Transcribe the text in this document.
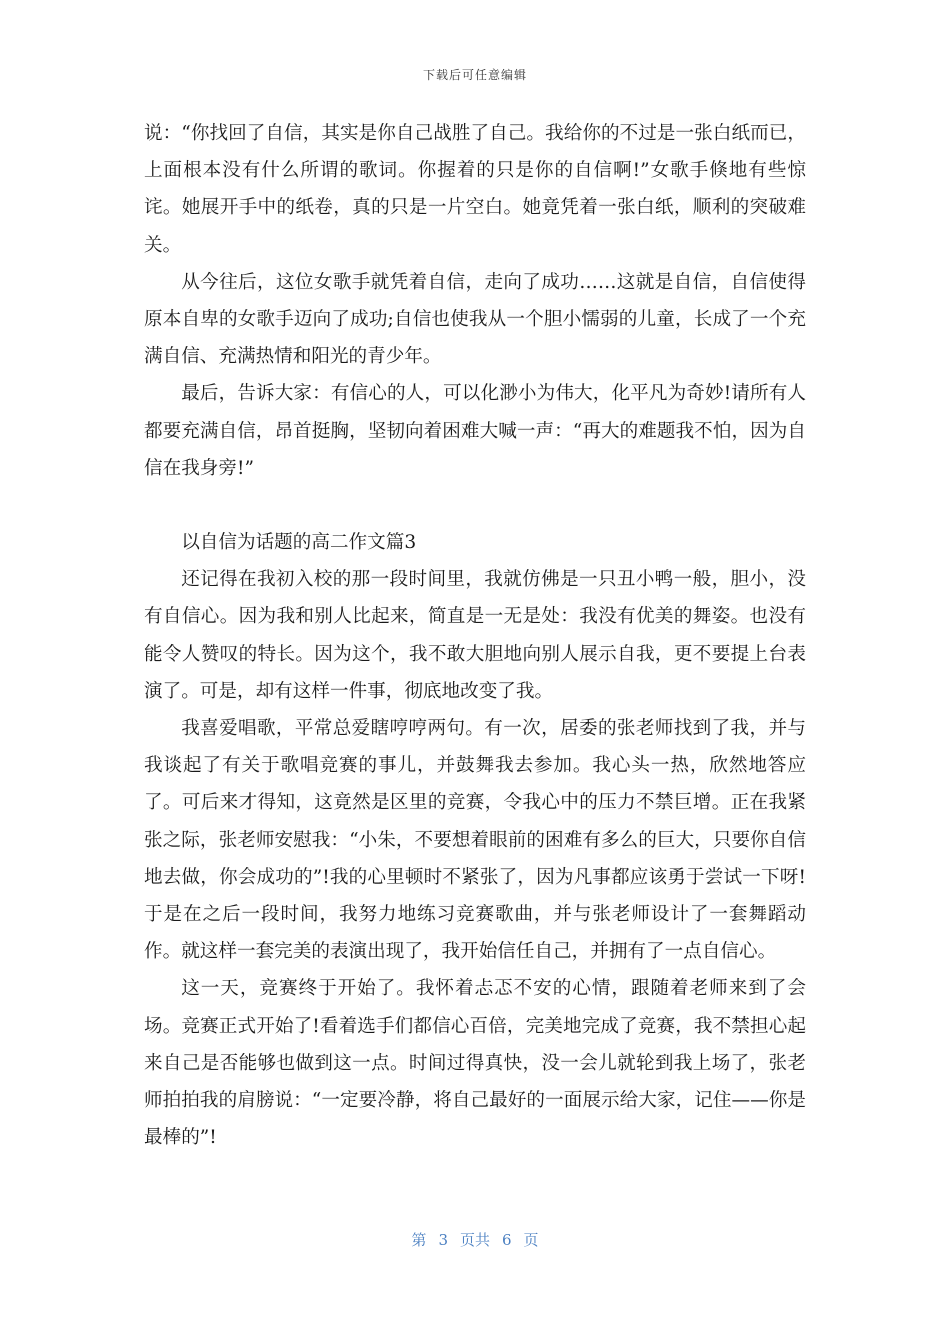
下载后可任意编辑

说：“你找回了自信，其实是你自己战胜了自己。我给你的不过是一张白纸而已，上面根本没有什么所谓的歌词。你握着的只是你的自信啊!”女歌手倏地有些惊诧。她展开手中的纸卷，真的只是一片空白。她竟凭着一张白纸，顺利的突破难关。

从今往后，这位女歌手就凭着自信，走向了成功……这就是自信，自信使得原本自卑的女歌手迈向了成功;自信也使我从一个胆小懦弱的儿童，长成了一个充满自信、充满热情和阳光的青少年。

最后，告诉大家：有信心的人，可以化渺小为伟大，化平凡为奇妙!请所有人都要充满自信，昂首挺胸，坚韧向着困难大喊一声：“再大的难题我不怕，因为自信在我身旁!”

以自信为话题的高二作文篇3

还记得在我初入校的那一段时间里，我就仿佛是一只丑小鸭一般，胆小，没有自信心。因为我和别人比起来，简直是一无是处：我没有优美的舞姿。也没有能令人赞叹的特长。因为这个，我不敢大胆地向别人展示自我，更不要提上台表演了。可是，却有这样一件事，彻底地改变了我。

我喜爱唱歌，平常总爱瞎哼哼两句。有一次，居委的张老师找到了我，并与我谈起了有关于歌唱竞赛的事儿，并鼓舞我去参加。我心头一热，欣然地答应了。可后来才得知，这竟然是区里的竞赛，令我心中的压力不禁巨增。正在我紧张之际，张老师安慰我：“小朱，不要想着眼前的困难有多么的巨大，只要你自信地去做，你会成功的”!我的心里顿时不紧张了，因为凡事都应该勇于尝试一下呀!于是在之后一段时间，我努力地练习竞赛歌曲，并与张老师设计了一套舞蹈动作。就这样一套完美的表演出现了，我开始信任自己，并拥有了一点自信心。

这一天，竞赛终于开始了。我怀着忐忑不安的心情，跟随着老师来到了会场。竞赛正式开始了!看着选手们都信心百倍，完美地完成了竞赛，我不禁担心起来自己是否能够也做到这一点。时间过得真快，没一会儿就轮到我上场了，张老师拍拍我的肩膀说：“一定要冷静，将自己最好的一面展示给大家，记住——你是最棒的”!

第 3 页共 6 页
